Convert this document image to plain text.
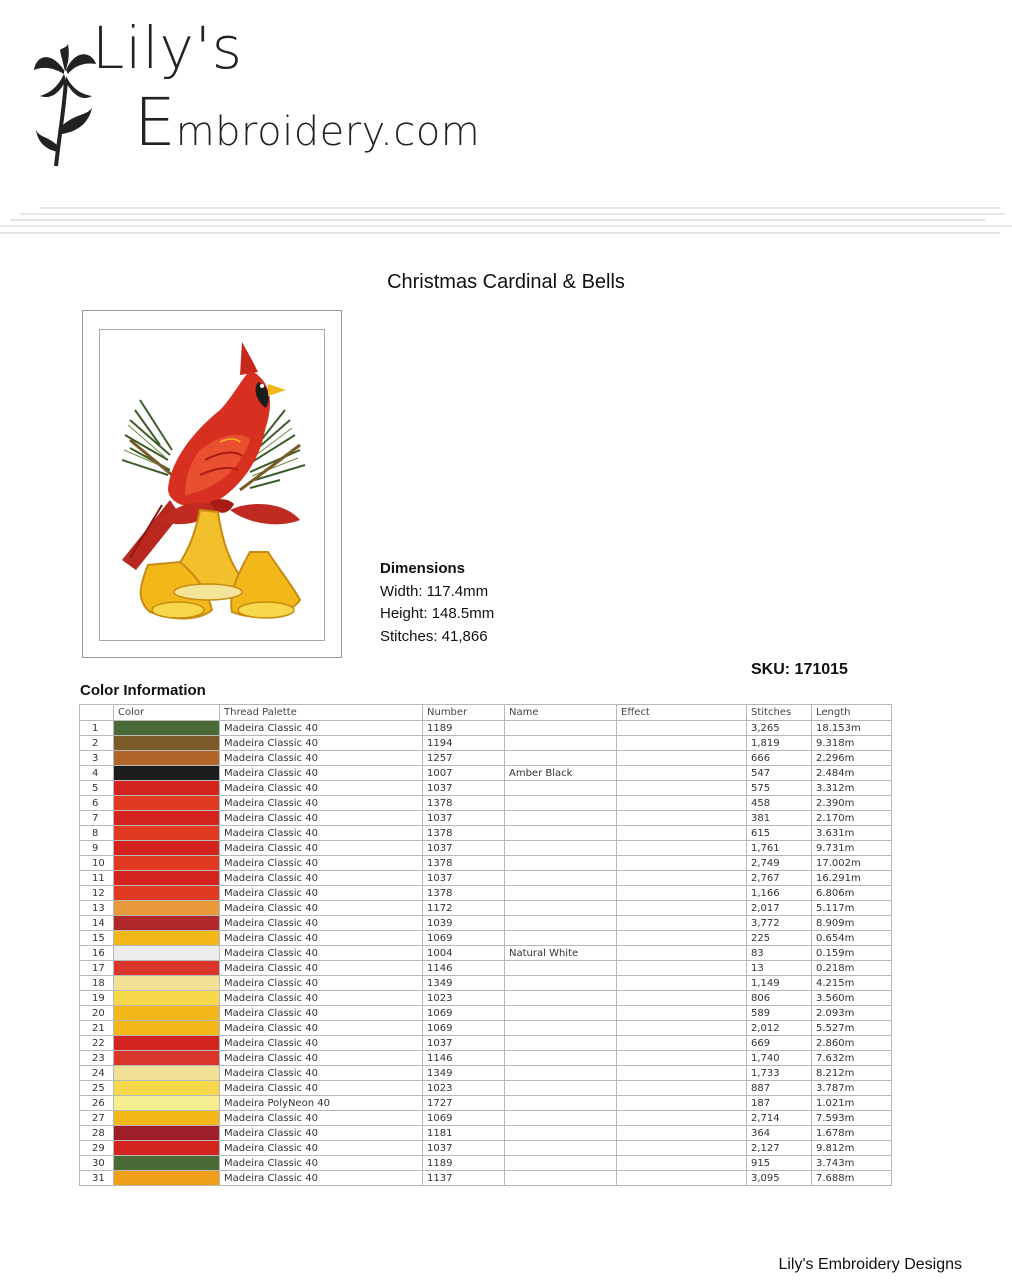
Lily's
Embroidery.com
Christmas Cardinal & Bells
Dimensions
Width: 117.4mm
Height: 148.5mm
Stitches: 41,866
SKU: 171015
Color Information
	Color	Thread Palette	Number	Name	Effect	Stitches	Length
1		Madeira Classic 40	1189			3,265	18.153m
2		Madeira Classic 40	1194			1,819	9.318m
3		Madeira Classic 40	1257			666	2.296m
4		Madeira Classic 40	1007	Amber Black		547	2.484m
5		Madeira Classic 40	1037			575	3.312m
6		Madeira Classic 40	1378			458	2.390m
7		Madeira Classic 40	1037			381	2.170m
8		Madeira Classic 40	1378			615	3.631m
9		Madeira Classic 40	1037			1,761	9.731m
10		Madeira Classic 40	1378			2,749	17.002m
11		Madeira Classic 40	1037			2,767	16.291m
12		Madeira Classic 40	1378			1,166	6.806m
13		Madeira Classic 40	1172			2,017	5.117m
14		Madeira Classic 40	1039			3,772	8.909m
15		Madeira Classic 40	1069			225	0.654m
16		Madeira Classic 40	1004	Natural White		83	0.159m
17		Madeira Classic 40	1146			13	0.218m
18		Madeira Classic 40	1349			1,149	4.215m
19		Madeira Classic 40	1023			806	3.560m
20		Madeira Classic 40	1069			589	2.093m
21		Madeira Classic 40	1069			2,012	5.527m
22		Madeira Classic 40	1037			669	2.860m
23		Madeira Classic 40	1146			1,740	7.632m
24		Madeira Classic 40	1349			1,733	8.212m
25		Madeira Classic 40	1023			887	3.787m
26		Madeira PolyNeon 40	1727			187	1.021m
27		Madeira Classic 40	1069			2,714	7.593m
28		Madeira Classic 40	1181			364	1.678m
29		Madeira Classic 40	1037			2,127	9.812m
30		Madeira Classic 40	1189			915	3.743m
31		Madeira Classic 40	1137			3,095	7.688m
Lily's Embroidery Designs
